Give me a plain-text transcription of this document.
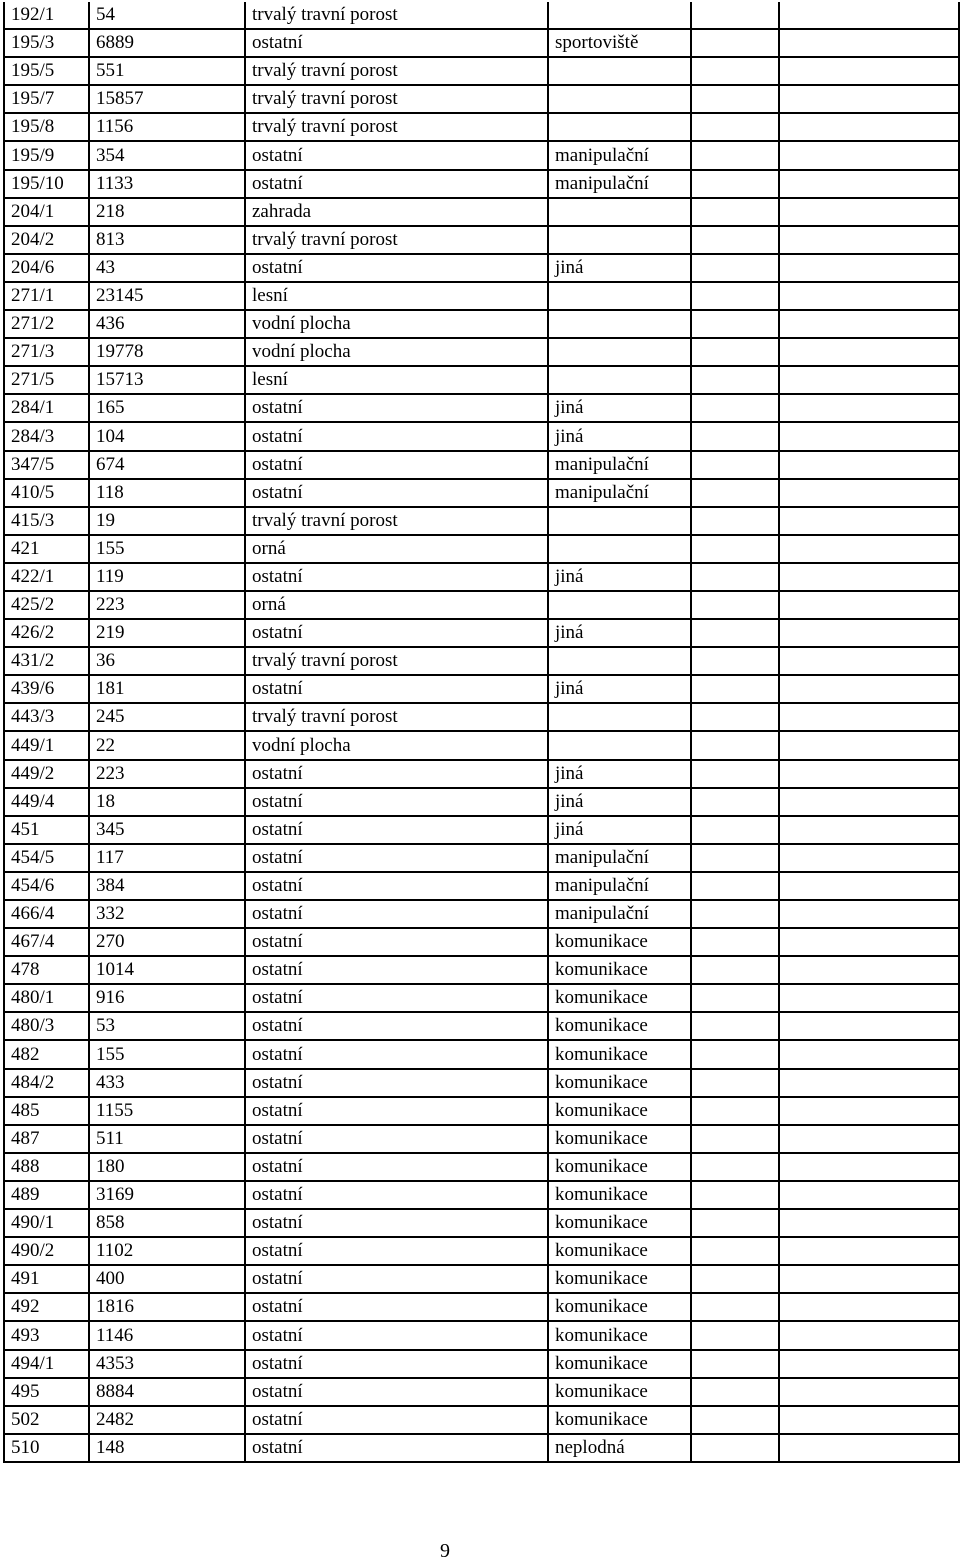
192/1	54	trvalý travní porost			
195/3	6889	ostatní	sportoviště		
195/5	551	trvalý travní porost			
195/7	15857	trvalý travní porost			
195/8	1156	trvalý travní porost			
195/9	354	ostatní	manipulační		
195/10	1133	ostatní	manipulační		
204/1	218	zahrada			
204/2	813	trvalý travní porost			
204/6	43	ostatní	jiná		
271/1	23145	lesní			
271/2	436	vodní plocha			
271/3	19778	vodní plocha			
271/5	15713	lesní			
284/1	165	ostatní	jiná		
284/3	104	ostatní	jiná		
347/5	674	ostatní	manipulační		
410/5	118	ostatní	manipulační		
415/3	19	trvalý travní porost			
421	155	orná			
422/1	119	ostatní	jiná		
425/2	223	orná			
426/2	219	ostatní	jiná		
431/2	36	trvalý travní porost			
439/6	181	ostatní	jiná		
443/3	245	trvalý travní porost			
449/1	22	vodní plocha			
449/2	223	ostatní	jiná		
449/4	18	ostatní	jiná		
451	345	ostatní	jiná		
454/5	117	ostatní	manipulační		
454/6	384	ostatní	manipulační		
466/4	332	ostatní	manipulační		
467/4	270	ostatní	komunikace		
478	1014	ostatní	komunikace		
480/1	916	ostatní	komunikace		
480/3	53	ostatní	komunikace		
482	155	ostatní	komunikace		
484/2	433	ostatní	komunikace		
485	1155	ostatní	komunikace		
487	511	ostatní	komunikace		
488	180	ostatní	komunikace		
489	3169	ostatní	komunikace		
490/1	858	ostatní	komunikace		
490/2	1102	ostatní	komunikace		
491	400	ostatní	komunikace		
492	1816	ostatní	komunikace		
493	1146	ostatní	komunikace		
494/1	4353	ostatní	komunikace		
495	8884	ostatní	komunikace		
502	2482	ostatní	komunikace		
510	148	ostatní	neplodná		
9
